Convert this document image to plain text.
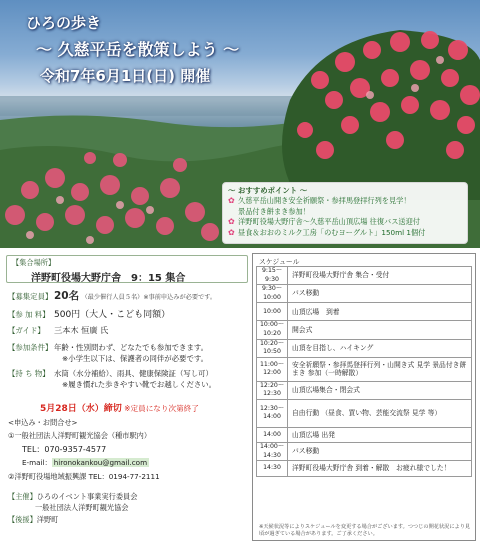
ひろの歩き
〜 久慈平岳を散策しよう 〜
令和7年6月1日(日) 開催
〜 おすすめポイント 〜
✿ 久慈平岳山開き安全祈願祭・参拝馬登拝行列を見学！
景品付き餅まき参加！
✿ 洋野町役場大野庁舎〜久慈平岳山頂広場 往復バス送迎付
✿ 昼食＆おおのミルク工房「のむヨーグルト」150ml 1個付
【集合場所】
洋野町役場大野庁舎　9：15 集合
【募集定員】 20名 （最少催行人員５名）※事前申込みが必要です。
【参 加 料】 500円（大人・こども同額）
【ガイド】 三本木 恒廣 氏
【参加条件】 年齢・性別問わず、どなたでも参加できます。
※小学生以下は、保護者の同伴が必要です。
【持 ち 物】 水筒（水分補給）、雨具、健康保険証（写し可）
※履き慣れた歩きやすい靴でお越しください。
5月28日（水）締切 ※定員になり次第終了
<申込み・お問合せ>
①一般社団法人洋野町観光協会（種市駅内）
TEL：070-9357-4577
E-mail： hironokankou@gmail.com
②洋野町役場地域振興課 TEL：0194-77-2111
【主催】ひろのイベント事業実行委員会
一般社団法人洋野町観光協会
【後援】洋野町
スケジュール
9:15〜 9:30	洋野町役場大野庁舎 集合・受付
9:30〜 10:00	バス移動
10:00	山頂広場　到着
10:00〜 10:20	開会式
10:20〜 10:50	山頂を目指し、ハイキング
11:00〜 12:00	安全祈願祭・参拝馬登拝行列・山開き式 見学 景品付き餅まき 参加（一時解散）
12:20〜 12:30	山頂広場集合・閉会式
12:30〜 14:00	自由行動 （昼食、買い物、芸能交流祭 見学 等）
14:00	山頂広場 出発
14:00〜 14:30	バス移動
14:30	洋野町役場大野庁舎 到着・解散　お疲れ様でした！
※天候状況等によりスケジュールを変更する場合がございます。つつじの開花状況により見頃が過ぎている場合があります。ご了承ください。
